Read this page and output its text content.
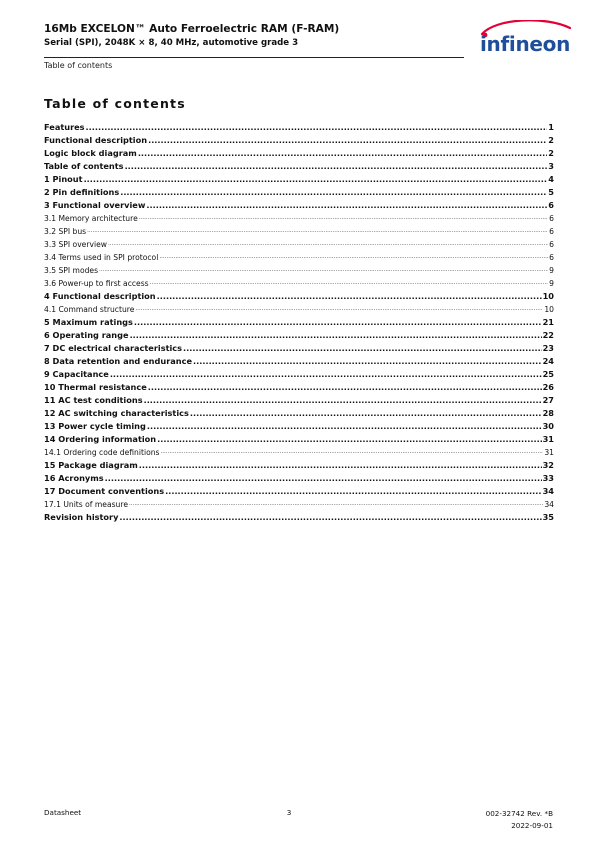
16Mb EXCELON™ Auto Ferroelectric RAM (F-RAM)
Serial (SPI), 2048K × 8, 40 MHz, automotive grade 3
Table of contents
infineon
Table of contents
Features .....	1
Functional description .....	2
Logic block diagram .....	2
Table of contents .....	3
1 Pinout .....	4
2 Pin definitions .....	5
3 Functional overview .....	6
3.1 Memory architecture .....	6
3.2 SPI bus .....	6
3.3 SPI overview .....	6
3.4 Terms used in SPI protocol .....	6
3.5 SPI modes .....	9
3.6 Power-up to first access .....	9
4 Functional description .....	10
4.1 Command structure .....	10
5 Maximum ratings .....	21
6 Operating range .....	22
7 DC electrical characteristics .....	23
8 Data retention and endurance .....	24
9 Capacitance .....	25
10 Thermal resistance .....	26
11 AC test conditions .....	27
12 AC switching characteristics .....	28
13 Power cycle timing .....	30
14 Ordering information .....	31
14.1 Ordering code definitions .....	31
15 Package diagram .....	32
16 Acronyms .....	33
17 Document conventions .....	34
17.1 Units of measure .....	34
Revision history .....	35
Datasheet	3	002-32742 Rev. *B
2022-09-01
